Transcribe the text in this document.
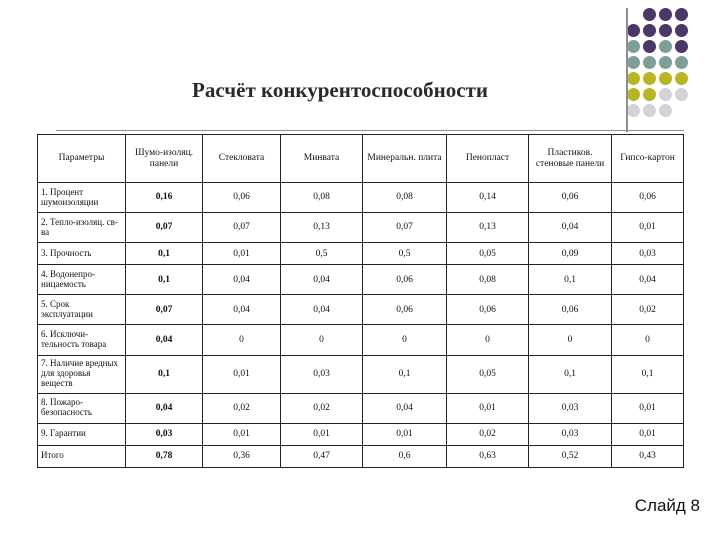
Расчёт конкурентоспособности
Параметры	Шумо-изоляц. панели	Стекловата	Минвата	Минеральн. плита	Пенопласт	Пластиков. стеновые панели	Гипсо-картон
1. Процент шумоизоляции	0,16	0,06	0,08	0,08	0,14	0,06	0,06
2. Тепло-изоляц. св-ва	0,07	0,07	0,13	0,07	0,13	0,04	0,01
3. Прочность	0,1	0,01	0,5	0,5	0,05	0,09	0,03
4. Водонепро-ницаемость	0,1	0,04	0,04	0,06	0,08	0,1	0,04
5. Срок эксплуатации	0,07	0,04	0,04	0,06	0,06	0,06	0,02
6. Исключи-тельность товара	0,04	0	0	0	0	0	0
7. Наличие вредных для здоровья веществ	0,1	0,01	0,03	0,1	0,05	0,1	0,1
8. Пожаро-безопасность	0,04	0,02	0,02	0,04	0,01	0,03	0,01
9. Гарантии	0,03	0,01	0,01	0,01	0,02	0,03	0,01
Итого	0,78	0,36	0,47	0,6	0,63	0,52	0,43
Слайд 8
